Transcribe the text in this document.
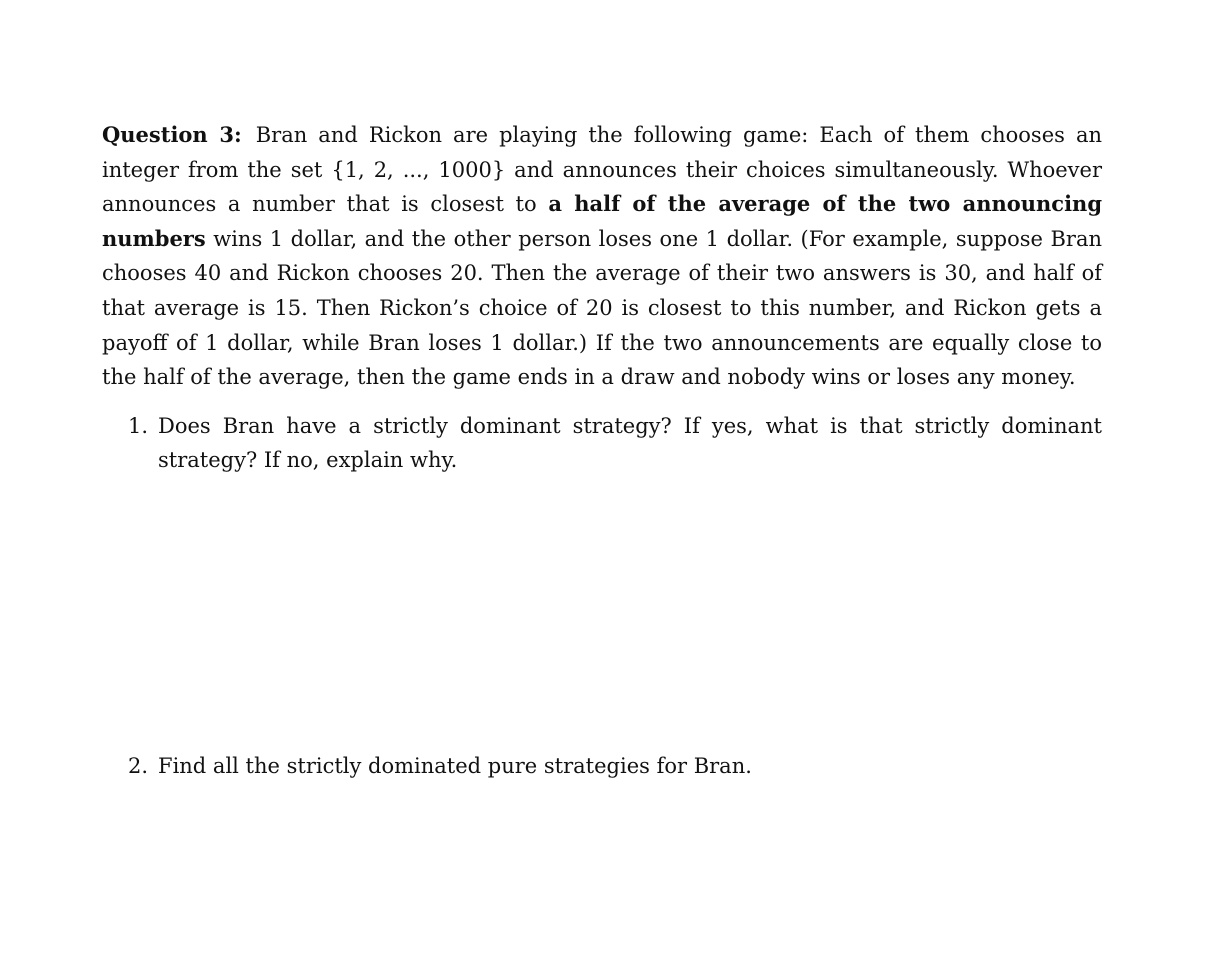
Question 3: Bran and Rickon are playing the following game: Each of them chooses an integer from the set {1, 2, ..., 1000} and announces their choices simultaneously. Whoever announces a number that is closest to a half of the average of the two announcing numbers wins 1 dollar, and the other person loses one 1 dollar. (For example, suppose Bran chooses 40 and Rickon chooses 20. Then the average of their two answers is 30, and half of that average is 15. Then Rickon’s choice of 20 is closest to this number, and Rickon gets a payoff of 1 dollar, while Bran loses 1 dollar.) If the two announcements are equally close to the half of the average, then the game ends in a draw and nobody wins or loses any money.

1. Does Bran have a strictly dominant strategy? If yes, what is that strictly dominant strategy? If no, explain why.
2. Find all the strictly dominated pure strategies for Bran.
